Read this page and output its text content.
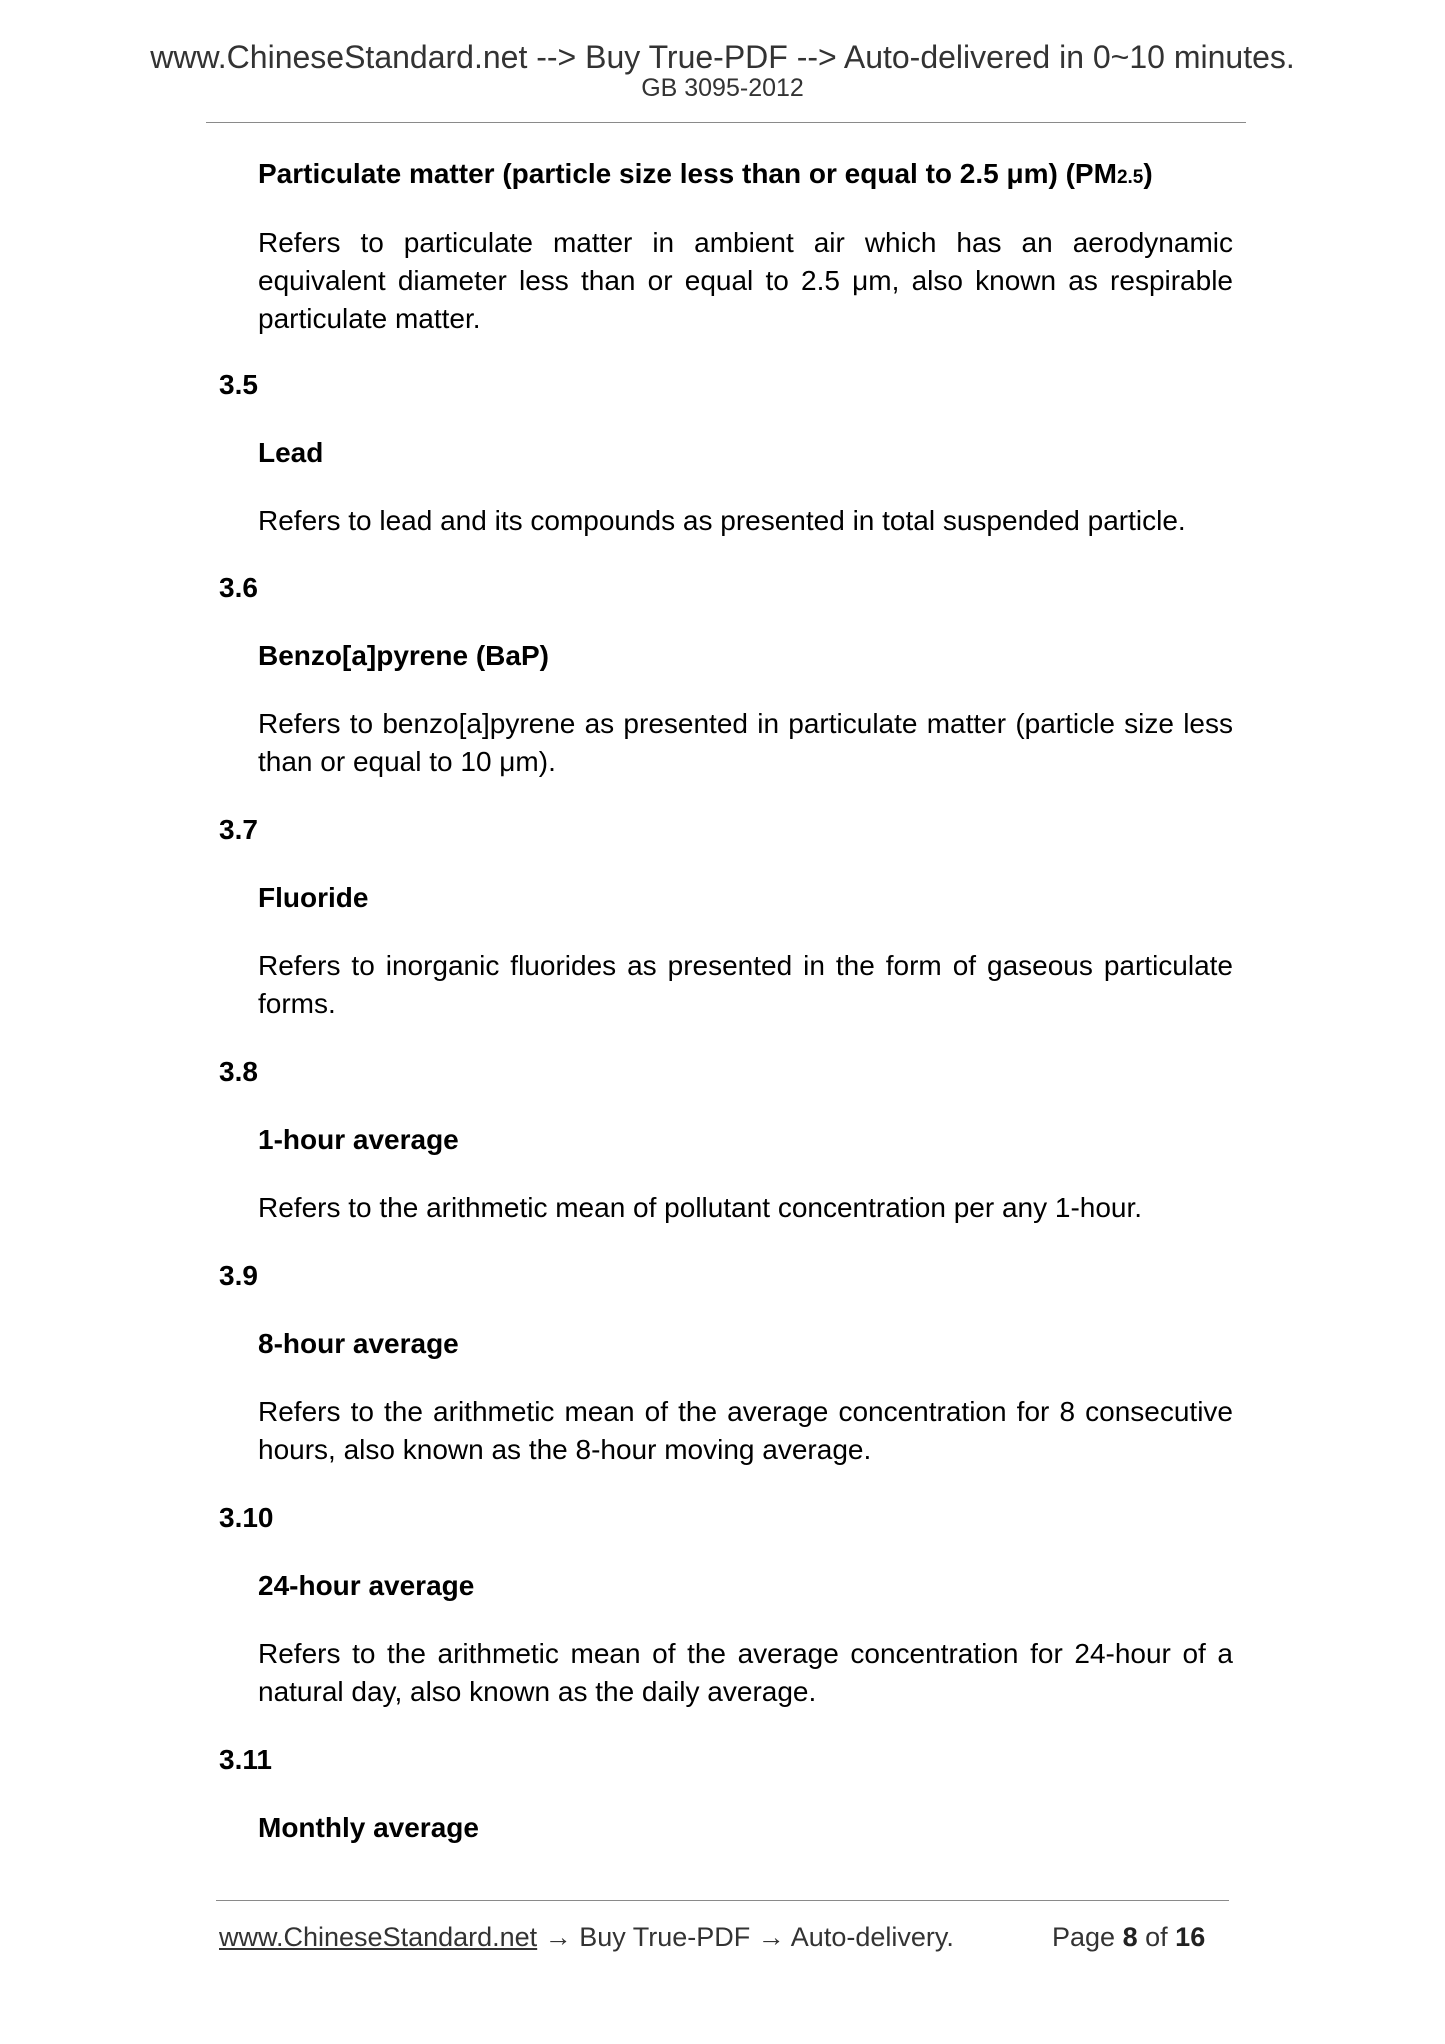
www.ChineseStandard.net --> Buy True-PDF --> Auto-delivered in 0~10 minutes.
GB 3095-2012

Particulate matter (particle size less than or equal to 2.5 μm) (PM2.5)

Refers to particulate matter in ambient air which has an aerodynamic equivalent diameter less than or equal to 2.5 μm, also known as respirable particulate matter.

3.5

Lead

Refers to lead and its compounds as presented in total suspended particle.

3.6

Benzo[a]pyrene (BaP)

Refers to benzo[a]pyrene as presented in particulate matter (particle size less than or equal to 10 μm).

3.7

Fluoride

Refers to inorganic fluorides as presented in the form of gaseous particulate forms.

3.8

1-hour average

Refers to the arithmetic mean of pollutant concentration per any 1-hour.

3.9

8-hour average

Refers to the arithmetic mean of the average concentration for 8 consecutive hours, also known as the 8-hour moving average.

3.10

24-hour average

Refers to the arithmetic mean of the average concentration for 24-hour of a natural day, also known as the daily average.

3.11

Monthly average

www.ChineseStandard.net → Buy True-PDF → Auto-delivery.	Page 8 of 16
